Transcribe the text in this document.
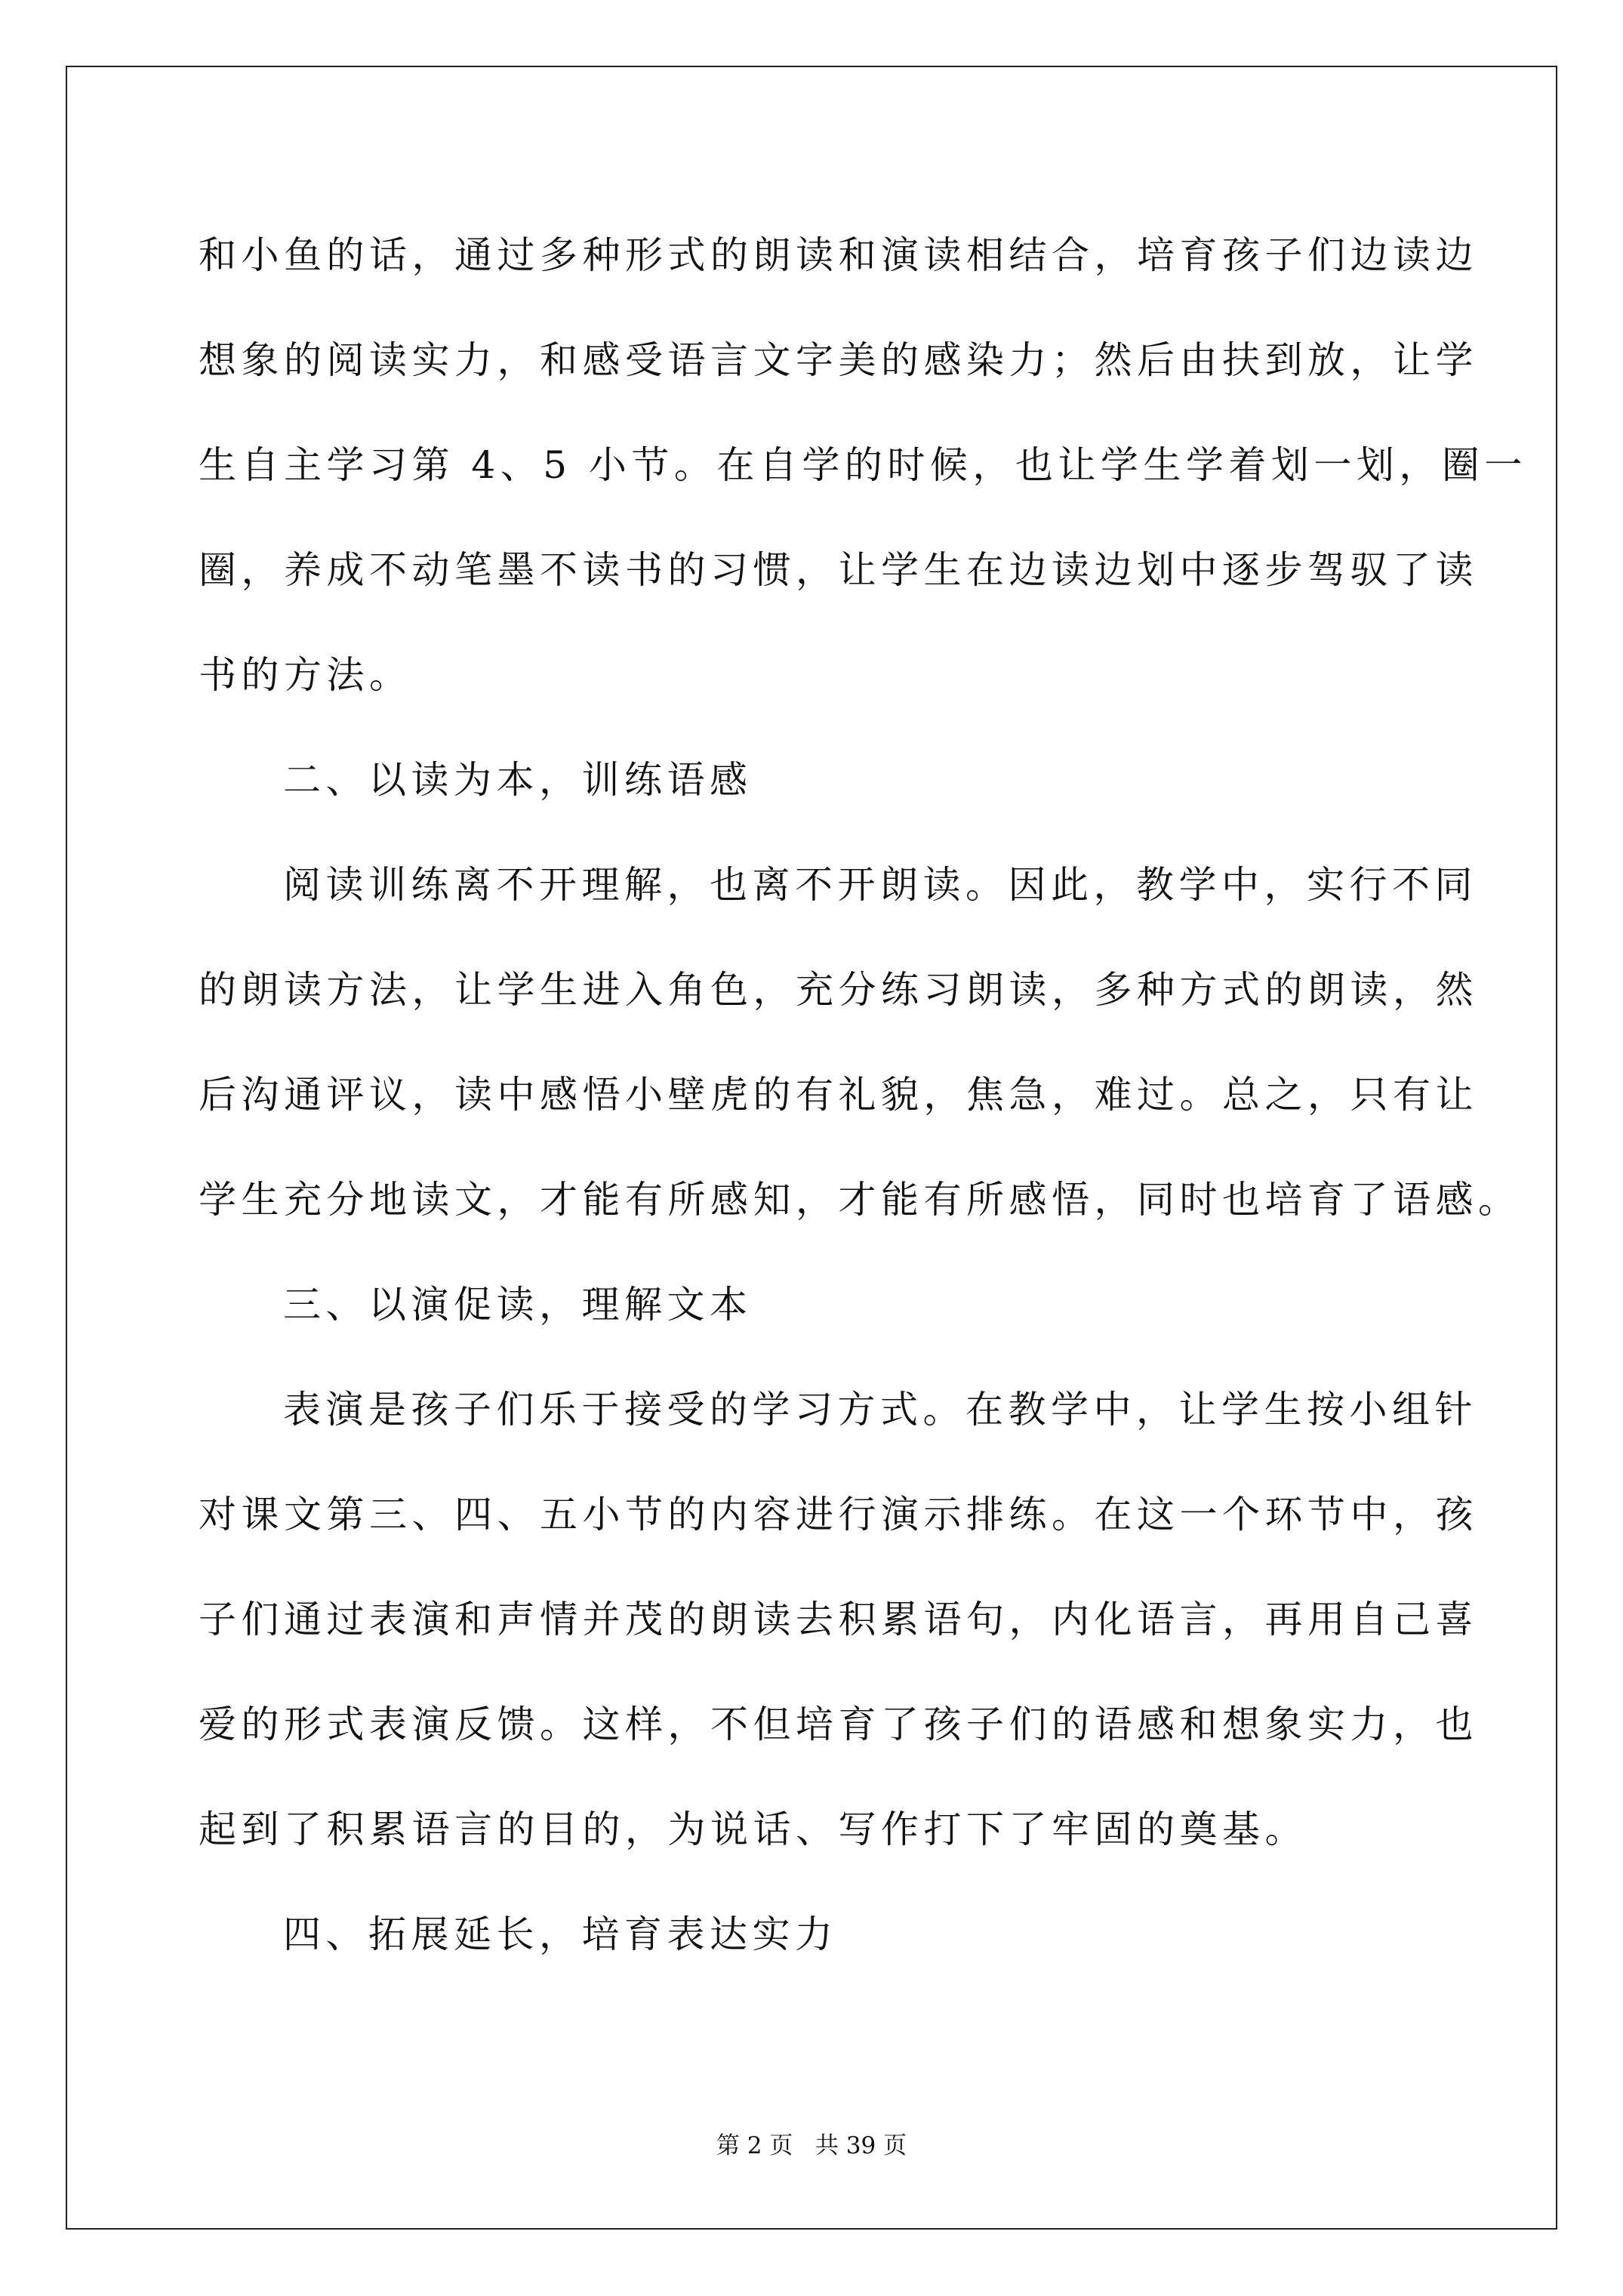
和小鱼的话，通过多种形式的朗读和演读相结合，培育孩子们边读边
想象的阅读实力，和感受语言文字美的感染力；然后由扶到放，让学
生自主学习第 4、5 小节。在自学的时候，也让学生学着划一划，圈一
圈，养成不动笔墨不读书的习惯，让学生在边读边划中逐步驾驭了读
书的方法。
二、以读为本，训练语感
阅读训练离不开理解，也离不开朗读。因此，教学中，实行不同
的朗读方法，让学生进入角色，充分练习朗读，多种方式的朗读，然
后沟通评议，读中感悟小壁虎的有礼貌，焦急，难过。总之，只有让
学生充分地读文，才能有所感知，才能有所感悟，同时也培育了语感。
三、以演促读，理解文本
表演是孩子们乐于接受的学习方式。在教学中，让学生按小组针
对课文第三、四、五小节的内容进行演示排练。在这一个环节中，孩
子们通过表演和声情并茂的朗读去积累语句，内化语言，再用自己喜
爱的形式表演反馈。这样，不但培育了孩子们的语感和想象实力，也
起到了积累语言的目的，为说话、写作打下了牢固的奠基。
四、拓展延长，培育表达实力
第 2 页   共 39 页
